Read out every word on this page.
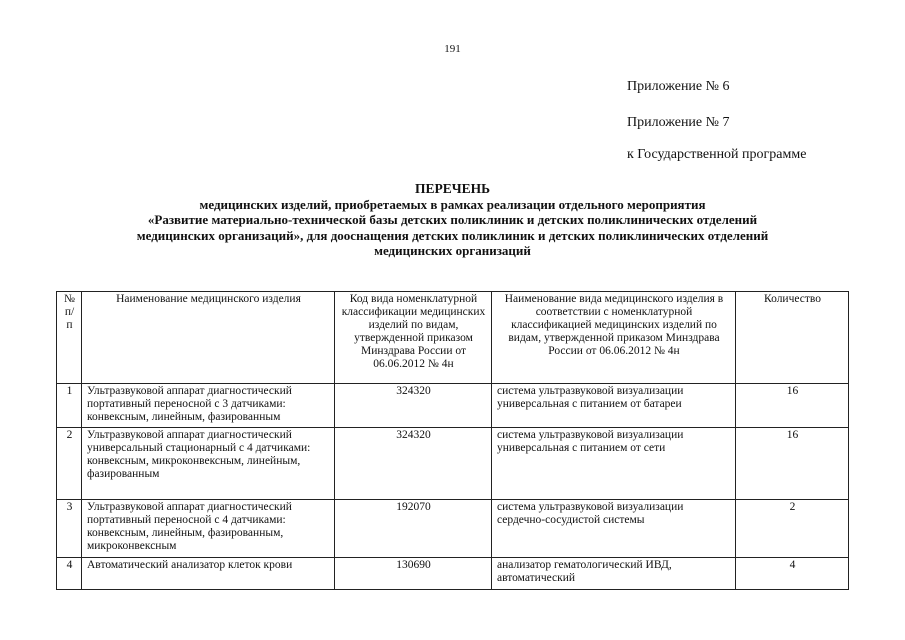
191
Приложение № 6
Приложение № 7
к Государственной программе
ПЕРЕЧЕНЬ
медицинских изделий, приобретаемых в рамках реализации отдельного мероприятия
«Развитие материально-технической базы детских поликлиник и детских поликлинических отделений
медицинских организаций», для дооснащения детских поликлиник и детских поликлинических отделений
медицинских организаций
№ п/п	Наименование медицинского изделия	Код вида номенклатурной классификации медицинских изделий по видам, утвержденной приказом Минздрава России от 06.06.2012 № 4н	Наименование вида медицинского изделия в соответствии с номенклатурной классификацией медицинских изделий по видам, утвержденной приказом Минздрава России от 06.06.2012 № 4н	Количество
1	Ультразвуковой аппарат диагностический портативный переносной с 3 датчиками: конвексным, линейным, фазированным	324320	система ультразвуковой визуализации универсальная с питанием от батареи	16
2	Ультразвуковой аппарат диагностический универсальный стационарный с 4 датчиками: конвексным, микроконвексным, линейным, фазированным	324320	система ультразвуковой визуализации универсальная с питанием от сети	16
3	Ультразвуковой аппарат диагностический портативный переносной с 4 датчиками: конвексным, линейным, фазированным, микроконвексным	192070	система ультразвуковой визуализации сердечно-сосудистой системы	2
4	Автоматический анализатор клеток крови	130690	анализатор гематологический ИВД, автоматический	4
